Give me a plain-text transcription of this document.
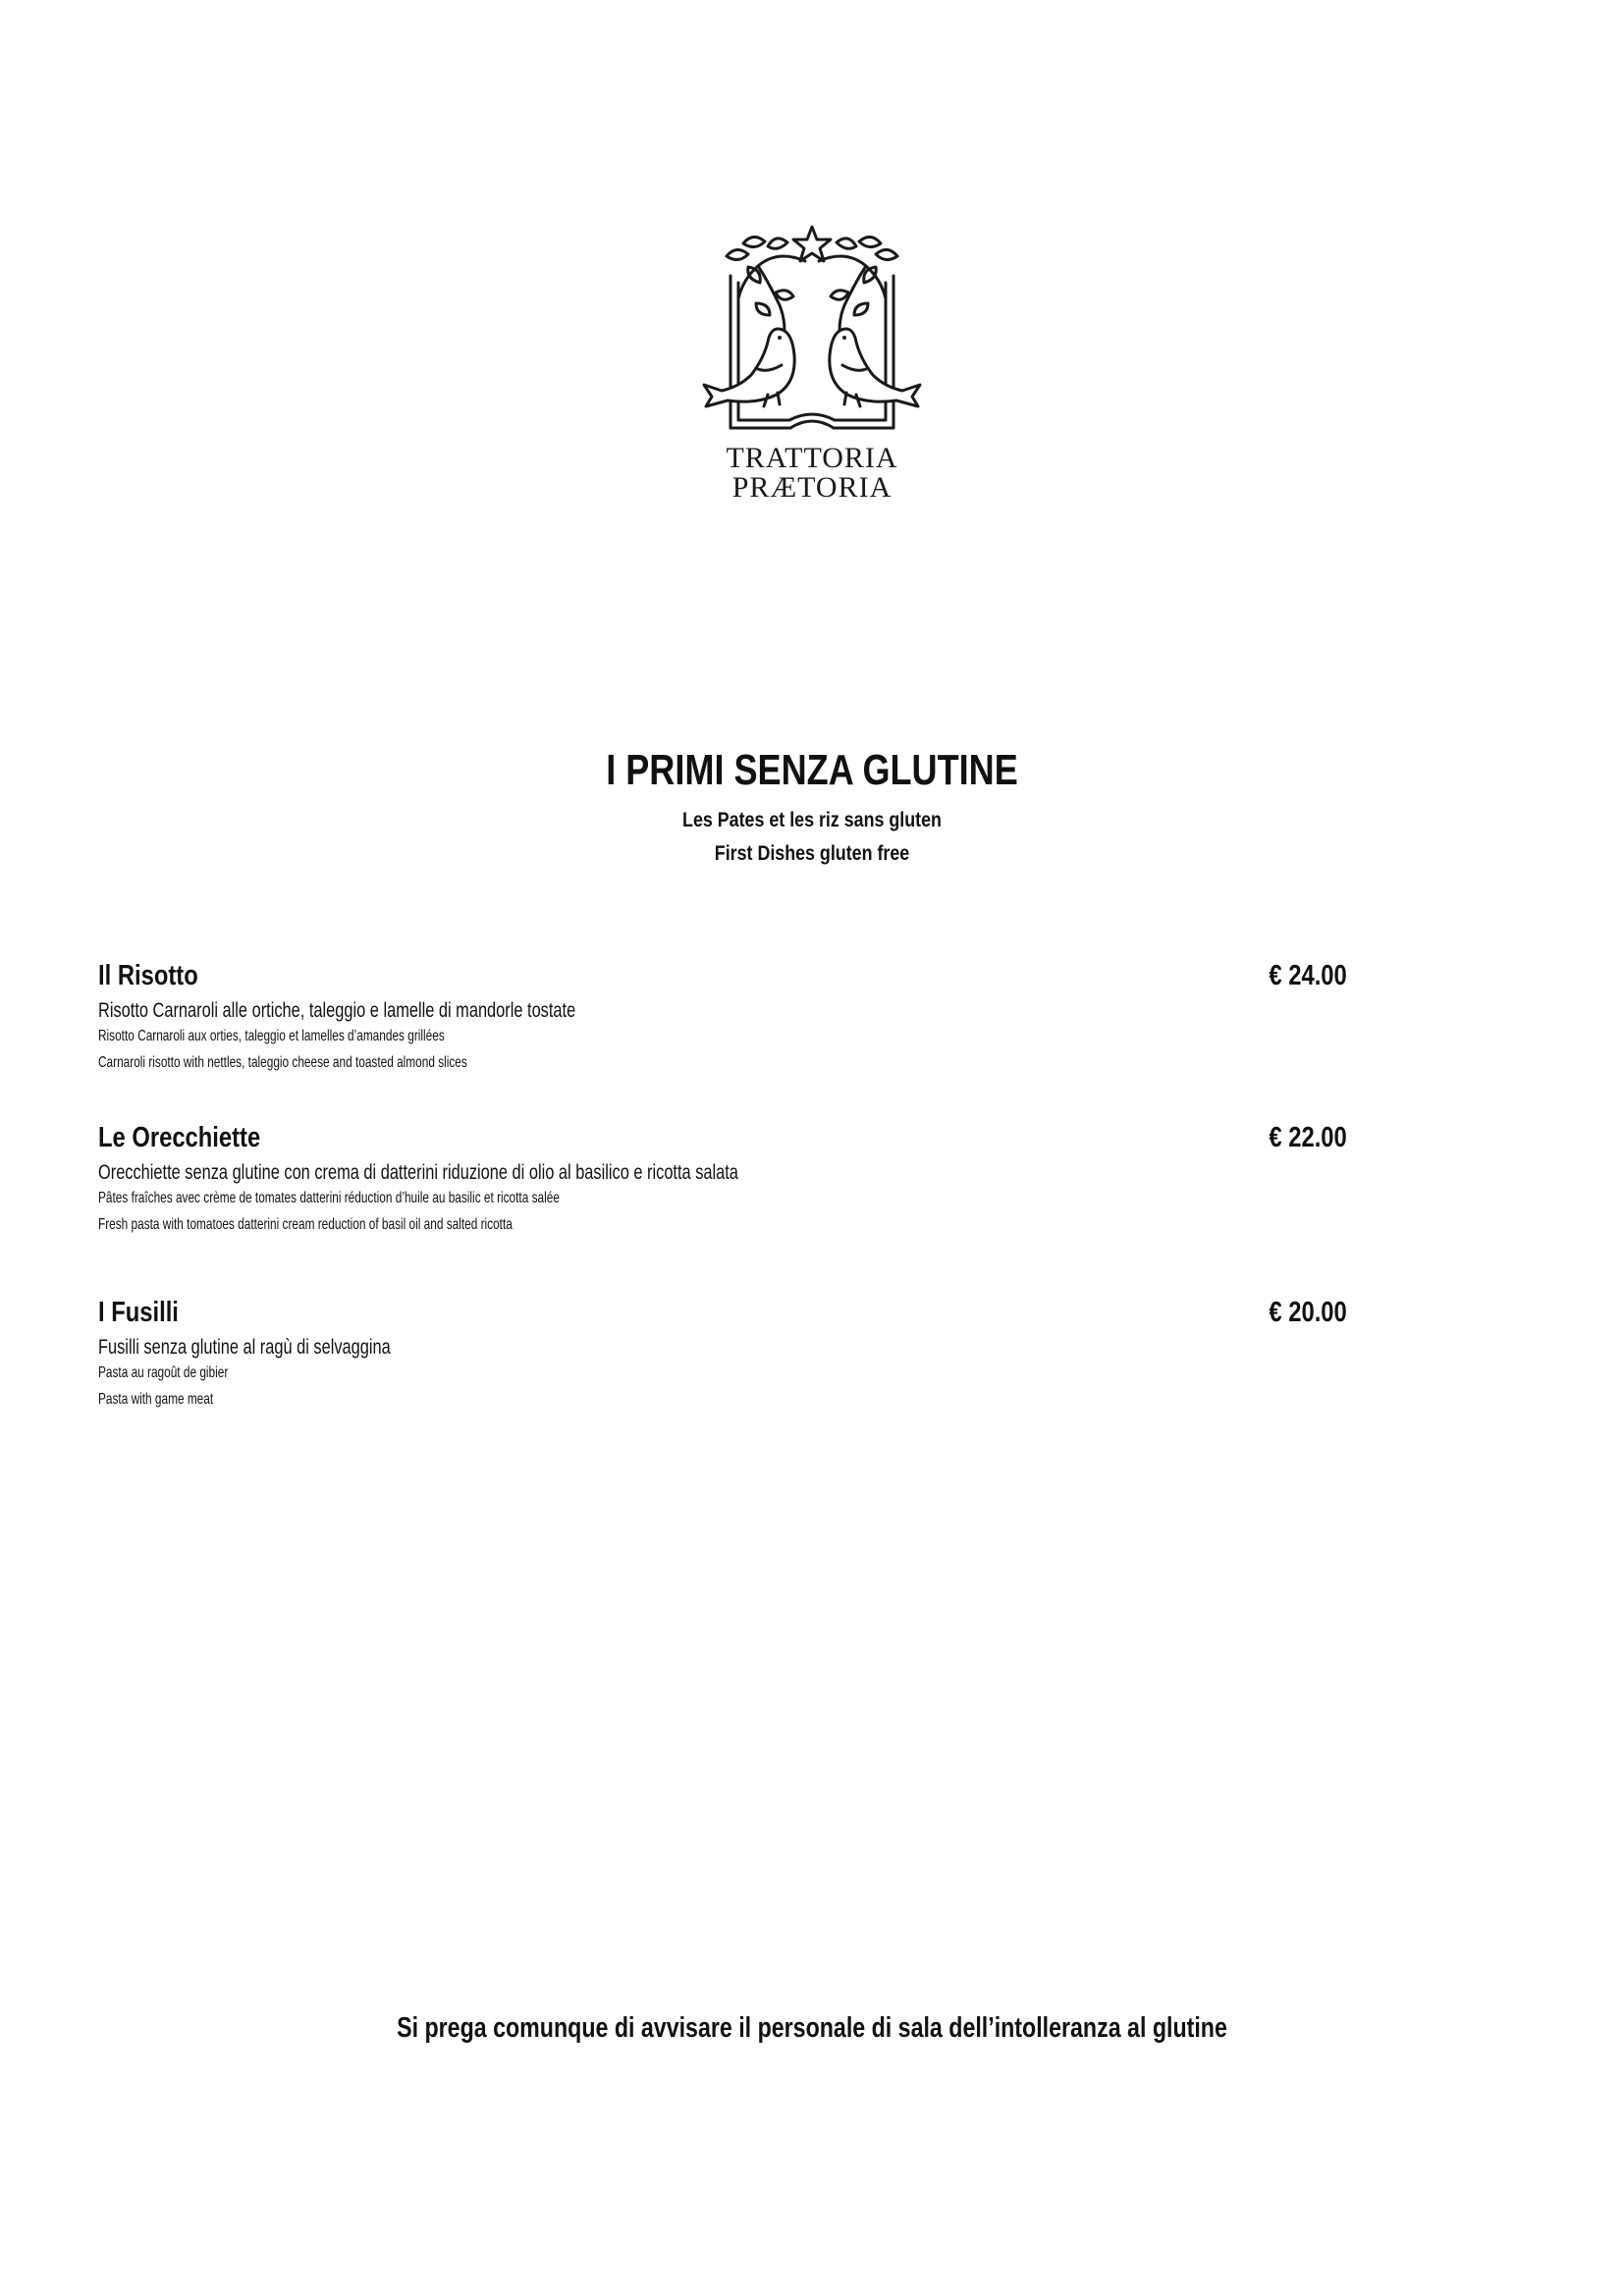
TRATTORIA
PRÆTORIA
I PRIMI SENZA GLUTINE
Les Pates et les riz sans gluten
First Dishes gluten free
Il Risotto	€ 24.00
Risotto Carnaroli alle ortiche, taleggio e lamelle di mandorle tostate
Risotto Carnaroli aux orties, taleggio et lamelles d’amandes grillées
Carnaroli risotto with nettles, taleggio cheese and toasted almond slices
Le Orecchiette	€ 22.00
Orecchiette senza glutine con crema di datterini riduzione di olio al basilico e ricotta salata
Pâtes fraîches avec crème de tomates datterini réduction d’huile au basilic et ricotta salée
Fresh pasta with tomatoes datterini cream reduction of basil oil and salted ricotta
I Fusilli	€ 20.00
Fusilli senza glutine al ragù di selvaggina
Pasta au ragoût de gibier
Pasta with game meat
Si prega comunque di avvisare il personale di sala dell’intolleranza al glutine
